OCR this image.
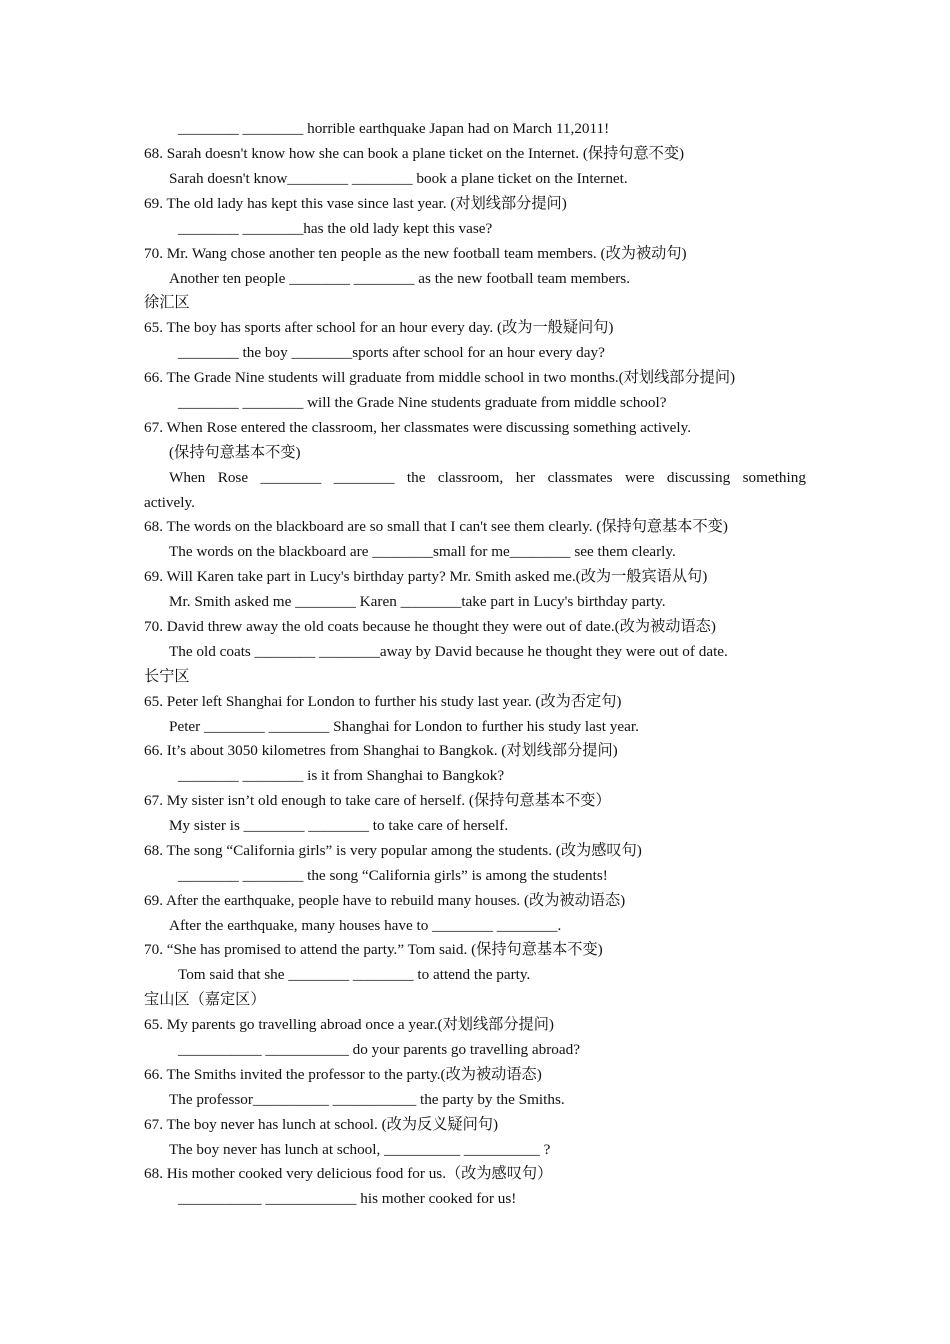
________ ________ horrible earthquake Japan had on March 11,2011!
68. Sarah doesn't know how she can book a plane ticket on the Internet. (保持句意不变)
Sarah doesn't know________ ________ book a plane ticket on the Internet.
69. The old lady has kept this vase since last year. (对划线部分提问)
________ ________has the old lady kept this vase?
70. Mr. Wang chose another ten people as the new football team members. (改为被动句)
Another ten people ________ ________ as the new football team members.
徐汇区
65. The boy has sports after school for an hour every day. (改为一般疑问句)
________ the boy ________sports after school for an hour every day?
66. The Grade Nine students will graduate from middle school in two months.(对划线部分提问)
________ ________ will the Grade Nine students graduate from middle school?
67. When Rose entered the classroom, her classmates were discussing something actively.
(保持句意基本不变)
When Rose ________ ________ the classroom, her classmates were discussing something
actively.
68. The words on the blackboard are so small that I can't see them clearly. (保持句意基本不变)
The words on the blackboard are ________small for me________ see them clearly.
69. Will Karen take part in Lucy's birthday party? Mr. Smith asked me.(改为一般宾语从句)
Mr. Smith asked me ________ Karen ________take part in Lucy's birthday party.
70. David threw away the old coats because he thought they were out of date.(改为被动语态)
The old coats ________ ________away by David because he thought they were out of date.
长宁区
65. Peter left Shanghai for London to further his study last year. (改为否定句)
Peter ________ ________ Shanghai for London to further his study last year.
66. It’s about 3050 kilometres from Shanghai to Bangkok. (对划线部分提问)
________ ________ is it from Shanghai to Bangkok?
67. My sister isn’t old enough to take care of herself. (保持句意基本不变）
My sister is ________ ________ to take care of herself.
68. The song “California girls” is very popular among the students. (改为感叹句)
________ ________ the song “California girls” is among the students!
69. After the earthquake, people have to rebuild many houses. (改为被动语态)
After the earthquake, many houses have to ________ ________.
70. “She has promised to attend the party.” Tom said. (保持句意基本不变)
Tom said that she ________ ________ to attend the party.
宝山区（嘉定区）
65. My parents go travelling abroad once a year.(对划线部分提问)
___________ ___________ do your parents go travelling abroad?
66. The Smiths invited the professor to the party.(改为被动语态)
The professor__________ ___________ the party by the Smiths.
67. The boy never has lunch at school. (改为反义疑问句)
The boy never has lunch at school, __________ __________ ?
68. His mother cooked very delicious food for us.（改为感叹句）
___________ ____________ his mother cooked for us!
